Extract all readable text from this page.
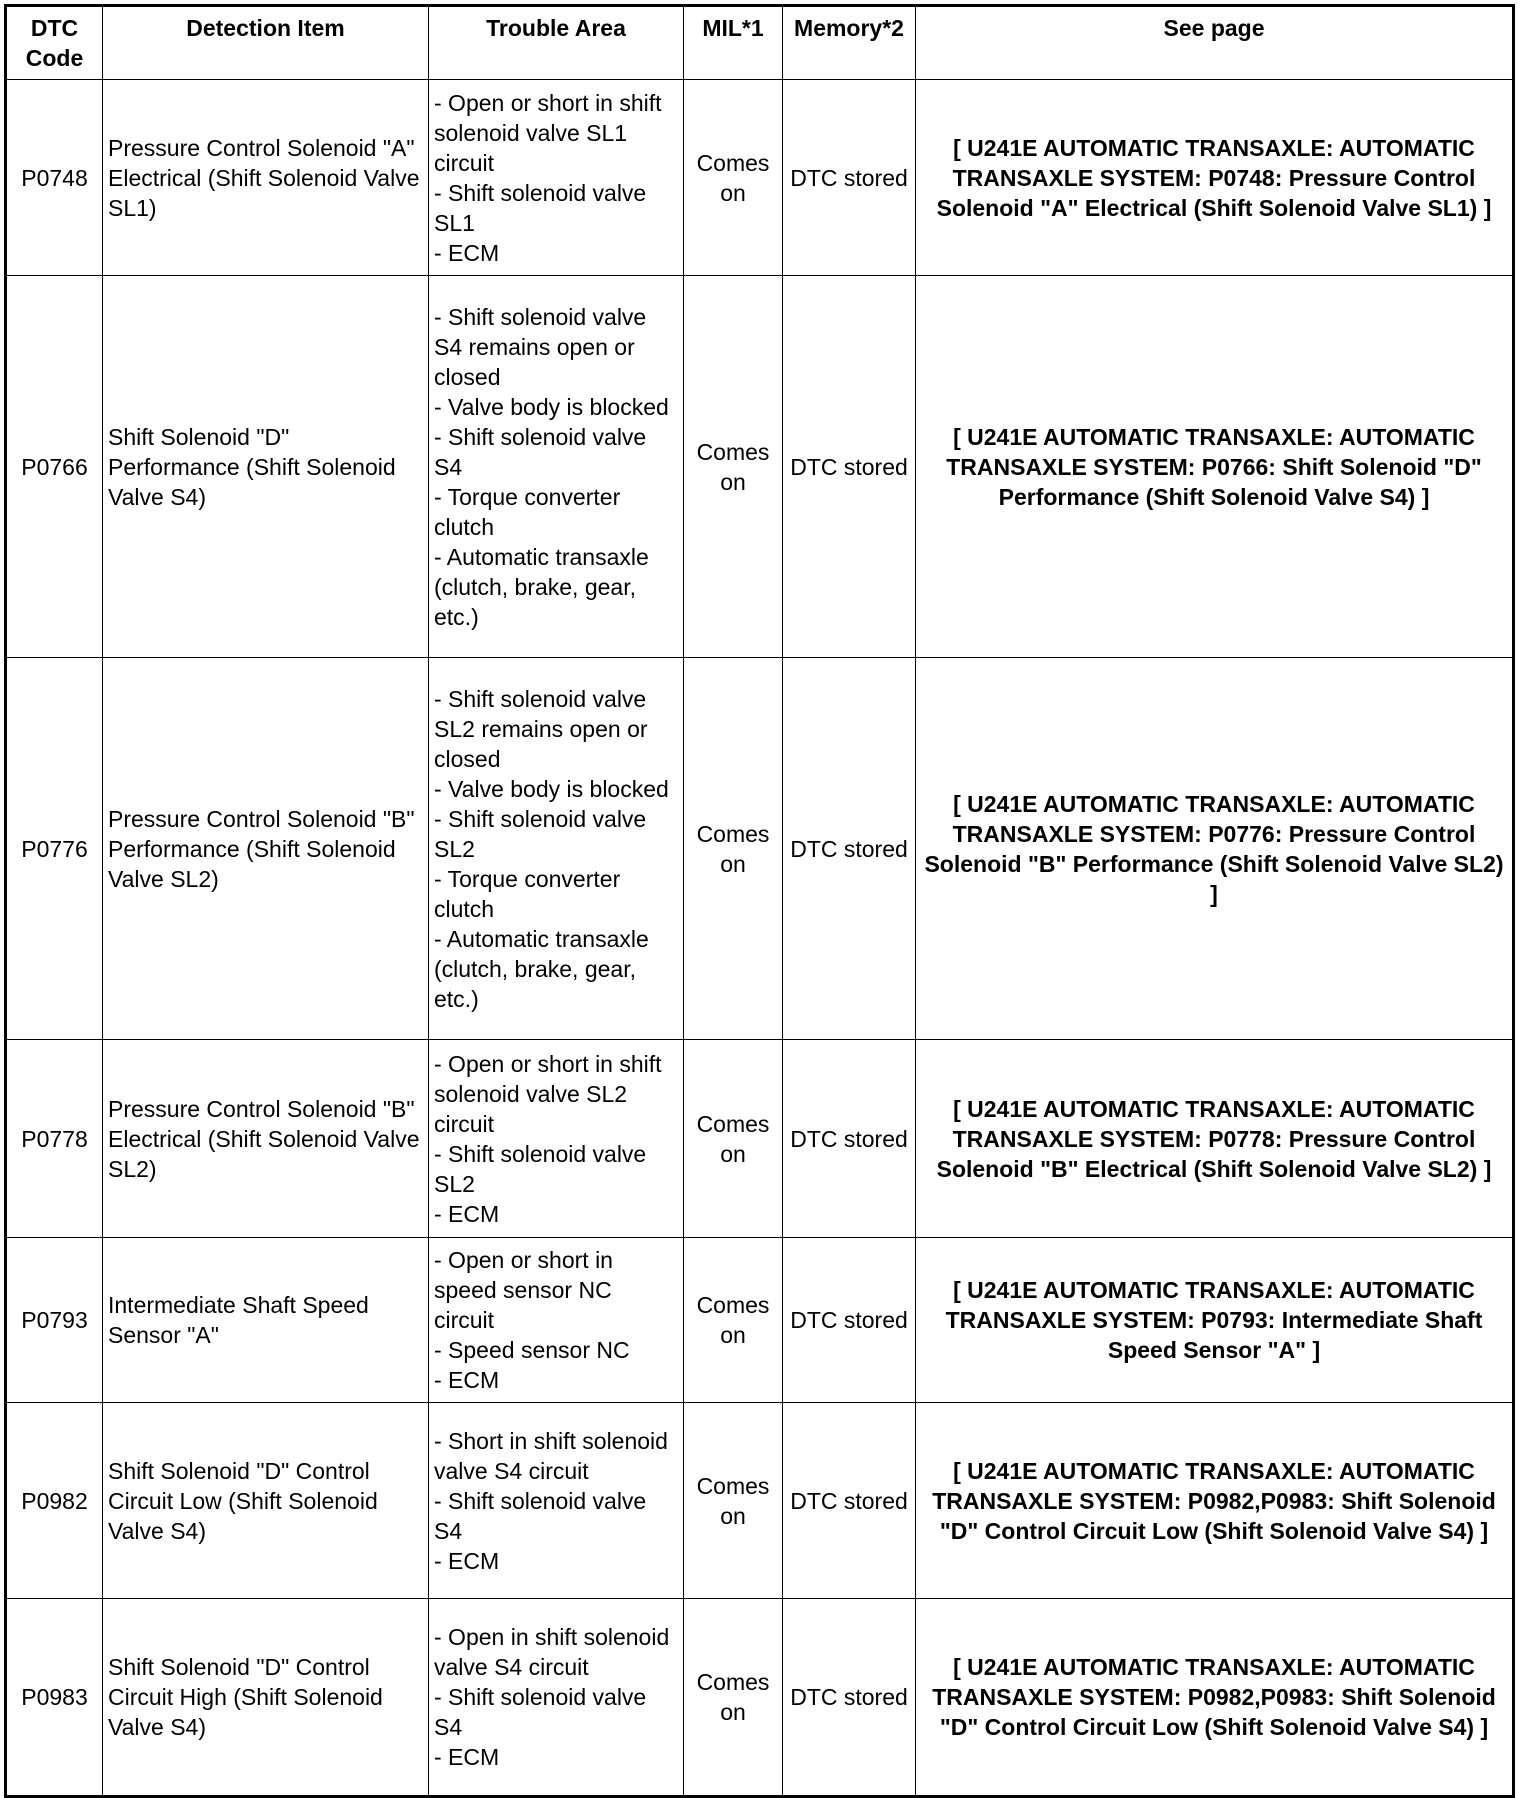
DTC Code	Detection Item	Trouble Area	MIL*1	Memory*2	See page
P0748	Pressure Control Solenoid "A" Electrical (Shift Solenoid Valve SL1)	- Open or short in shift solenoid valve SL1 circuit
- Shift solenoid valve SL1
- ECM	Comes on	DTC stored	[ U241E AUTOMATIC TRANSAXLE: AUTOMATIC TRANSAXLE SYSTEM: P0748: Pressure Control Solenoid "A" Electrical (Shift Solenoid Valve SL1) ]
P0766	Shift Solenoid "D" Performance (Shift Solenoid Valve S4)	- Shift solenoid valve S4 remains open or closed
- Valve body is blocked
- Shift solenoid valve S4
- Torque converter clutch
- Automatic transaxle (clutch, brake, gear, etc.)	Comes on	DTC stored	[ U241E AUTOMATIC TRANSAXLE: AUTOMATIC TRANSAXLE SYSTEM: P0766: Shift Solenoid "D" Performance (Shift Solenoid Valve S4) ]
P0776	Pressure Control Solenoid "B" Performance (Shift Solenoid Valve SL2)	- Shift solenoid valve SL2 remains open or closed
- Valve body is blocked
- Shift solenoid valve SL2
- Torque converter clutch
- Automatic transaxle (clutch, brake, gear, etc.)	Comes on	DTC stored	[ U241E AUTOMATIC TRANSAXLE: AUTOMATIC TRANSAXLE SYSTEM: P0776: Pressure Control Solenoid "B" Performance (Shift Solenoid Valve SL2) ]
P0778	Pressure Control Solenoid "B" Electrical (Shift Solenoid Valve SL2)	- Open or short in shift solenoid valve SL2 circuit
- Shift solenoid valve SL2
- ECM	Comes on	DTC stored	[ U241E AUTOMATIC TRANSAXLE: AUTOMATIC TRANSAXLE SYSTEM: P0778: Pressure Control Solenoid "B" Electrical (Shift Solenoid Valve SL2) ]
P0793	Intermediate Shaft Speed Sensor "A"	- Open or short in speed sensor NC circuit
- Speed sensor NC
- ECM	Comes on	DTC stored	[ U241E AUTOMATIC TRANSAXLE: AUTOMATIC TRANSAXLE SYSTEM: P0793: Intermediate Shaft Speed Sensor "A" ]
P0982	Shift Solenoid "D" Control Circuit Low (Shift Solenoid Valve S4)	- Short in shift solenoid valve S4 circuit
- Shift solenoid valve S4
- ECM	Comes on	DTC stored	[ U241E AUTOMATIC TRANSAXLE: AUTOMATIC TRANSAXLE SYSTEM: P0982,P0983: Shift Solenoid "D" Control Circuit Low (Shift Solenoid Valve S4) ]
P0983	Shift Solenoid "D" Control Circuit High (Shift Solenoid Valve S4)	- Open in shift solenoid valve S4 circuit
- Shift solenoid valve S4
- ECM	Comes on	DTC stored	[ U241E AUTOMATIC TRANSAXLE: AUTOMATIC TRANSAXLE SYSTEM: P0982,P0983: Shift Solenoid "D" Control Circuit Low (Shift Solenoid Valve S4) ]
